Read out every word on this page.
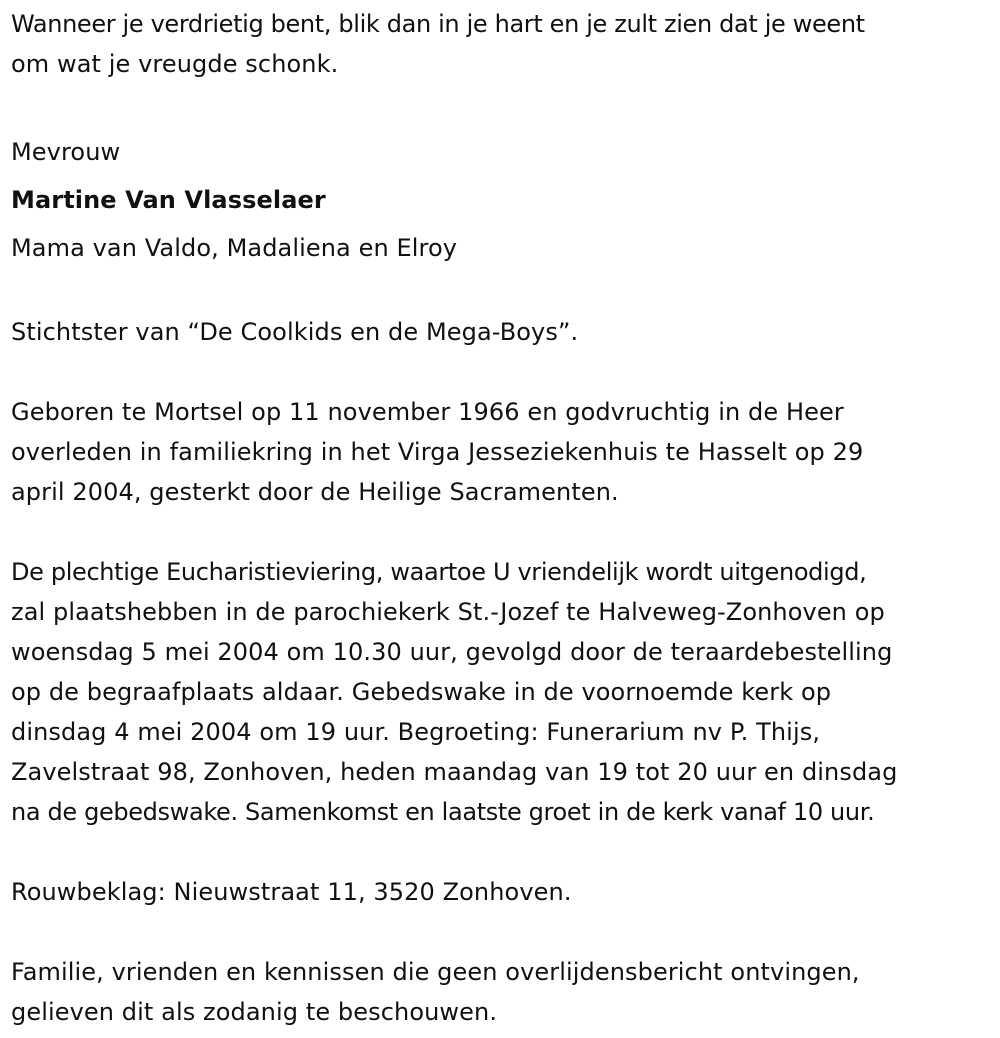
Wanneer je verdrietig bent, blik dan in je hart en je zult zien dat je weent
om wat je vreugde schonk.
Mevrouw
Martine Van Vlasselaer
Mama van Valdo, Madaliena en Elroy
Stichtster van “De Coolkids en de Mega-Boys”.
Geboren te Mortsel op 11 november 1966 en godvruchtig in de Heer
overleden in familiekring in het Virga Jesseziekenhuis te Hasselt op 29
april 2004, gesterkt door de Heilige Sacramenten.
De plechtige Eucharistieviering, waartoe U vriendelijk wordt uitgenodigd,
zal plaatshebben in de parochiekerk St.-Jozef te Halveweg-Zonhoven op
woensdag 5 mei 2004 om 10.30 uur, gevolgd door de teraardebestelling
op de begraafplaats aldaar. Gebedswake in de voornoemde kerk op
dinsdag 4 mei 2004 om 19 uur. Begroeting: Funerarium nv P. Thijs,
Zavelstraat 98, Zonhoven, heden maandag van 19 tot 20 uur en dinsdag
na de gebedswake. Samenkomst en laatste groet in de kerk vanaf 10 uur.
Rouwbeklag: Nieuwstraat 11, 3520 Zonhoven.
Familie, vrienden en kennissen die geen overlijdensbericht ontvingen,
gelieven dit als zodanig te beschouwen.
